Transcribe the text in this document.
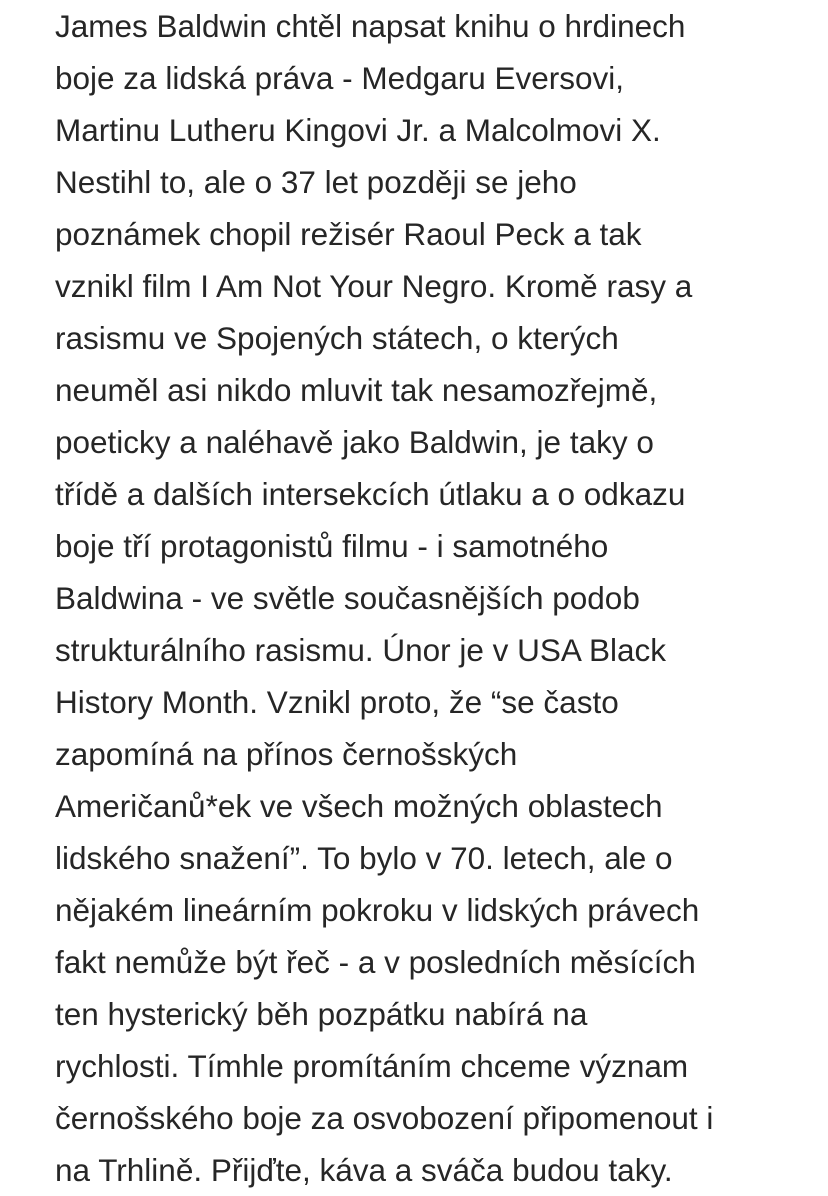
James Baldwin chtěl napsat knihu o hrdinech
boje za lidská práva - Medgaru Eversovi,
Martinu Lutheru Kingovi Jr. a Malcolmovi X.
Nestihl to, ale o 37 let později se jeho
poznámek chopil režisér Raoul Peck a tak
vznikl film I Am Not Your Negro. Kromě rasy a
rasismu ve Spojených státech, o kterých
neuměl asi nikdo mluvit tak nesamozřejmě,
poeticky a naléhavě jako Baldwin, je taky o
třídě a dalších intersekcích útlaku a o odkazu
boje tří protagonistů filmu - i samotného
Baldwina - ve světle současnějších podob
strukturálního rasismu. Únor je v USA Black
History Month. Vznikl proto, že “se často
zapomíná na přínos černošských
Američanů*ek ve všech možných oblastech
lidského snažení”. To bylo v 70. letech, ale o
nějakém lineárním pokroku v lidských právech
fakt nemůže být řeč - a v posledních měsících
ten hysterický běh pozpátku nabírá na
rychlosti. Tímhle promítáním chceme význam
černošského boje za osvobození připomenout i
na Trhlině. Přijďte, káva a sváča budou taky.
